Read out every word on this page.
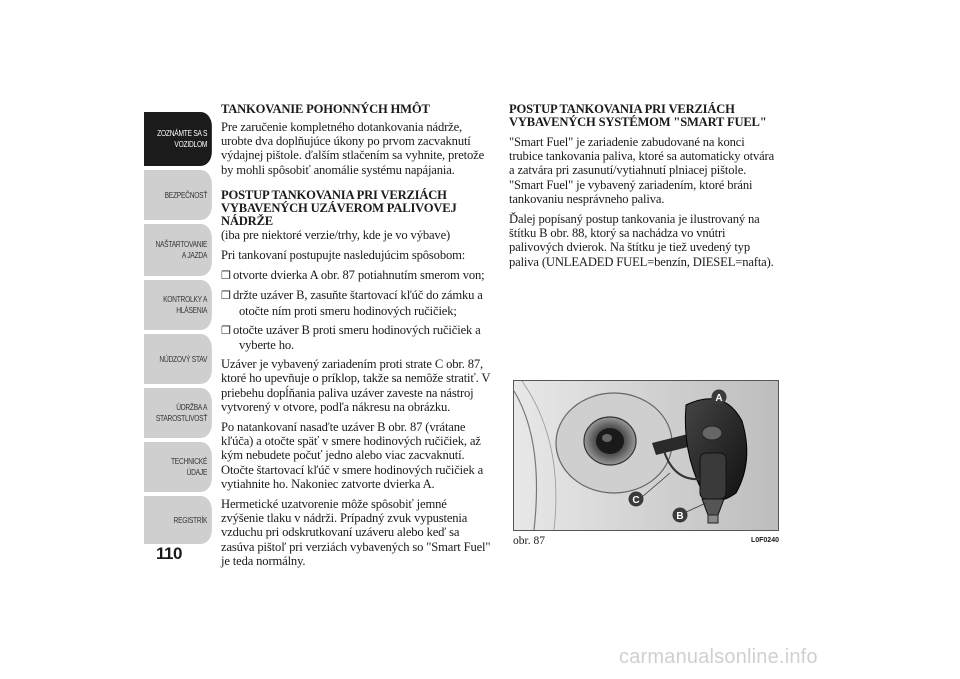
ZOZNÁMTE SA S
VOZIDLOM
BEZPEČNOSŤ
NAŠTARTOVANIE
A JAZDA
KONTROLKY A
HLÁSENIA
NÚDZOVÝ STAV
ÚDRŽBA A
STAROSTLIVOSŤ
TECHNICKÉ
ÚDAJE
REGISTRÍK
110
TANKOVANIE POHONNÝCH HMÔT

Pre zaručenie kompletného dotankovania nádrže, urobte dva doplňujúce úkony po prvom zacvaknutí výdajnej pištole. ďalším stlačením sa vyhnite, pretože by mohli spôsobiť anomálie systému napájania.

POSTUP TANKOVANIA PRI VERZIÁCH
VYBAVENÝCH UZÁVEROM PALIVOVEJ
NÁDRŽE

(iba pre niektoré verzie/trhy, kde je vo výbave)

Pri tankovaní postupujte nasledujúcim spôsobom:

❒ otvorte dvierka A obr. 87 potiahnutím smerom von;
❒ držte uzáver B, zasuňte štartovací kľúč do zámku a otočte ním proti smeru hodinových ručičiek;
❒ otočte uzáver B proti smeru hodinových ručičiek a vyberte ho.

Uzáver je vybavený zariadením proti strate C obr. 87, ktoré ho upevňuje o príklop, takže sa nemôže stratiť. V priebehu dopĺňania paliva uzáver zaveste na nástroj vytvorený v otvore, podľa nákresu na obrázku.

Po natankovaní nasaďte uzáver B obr. 87 (vrátane kľúča) a otočte späť v smere hodinových ručičiek, až kým nebudete počuť jedno alebo viac zacvaknutí. Otočte štartovací kľúč v smere hodinových ručičiek a vytiahnite ho. Nakoniec zatvorte dvierka A.

Hermetické uzatvorenie môže spôsobiť jemné zvýšenie tlaku v nádrži. Prípadný zvuk vypustenia vzduchu pri odskrutkovaní uzáveru alebo keď sa zasúva pištoľ pri verziách vybavených so "Smart Fuel" je teda normálny.

POSTUP TANKOVANIA PRI VERZIÁCH
VYBAVENÝCH SYSTÉMOM "SMART FUEL"

"Smart Fuel" je zariadenie zabudované na konci trubice tankovania paliva, ktoré sa automaticky otvára a zatvára pri zasunutí/vytiahnutí plniacej pištole. "Smart Fuel" je vybavený zariadením, ktoré bráni tankovaniu nesprávneho paliva.

Ďalej popísaný postup tankovania je ilustrovaný na štítku B obr. 88, ktorý sa nachádza vo vnútri palivových dvierok. Na štítku je tiež uvedený typ paliva (UNLEADED FUEL=benzín, DIESEL=nafta).

A
C
B
obr. 87	L0F0240
carmanualsonline.info
